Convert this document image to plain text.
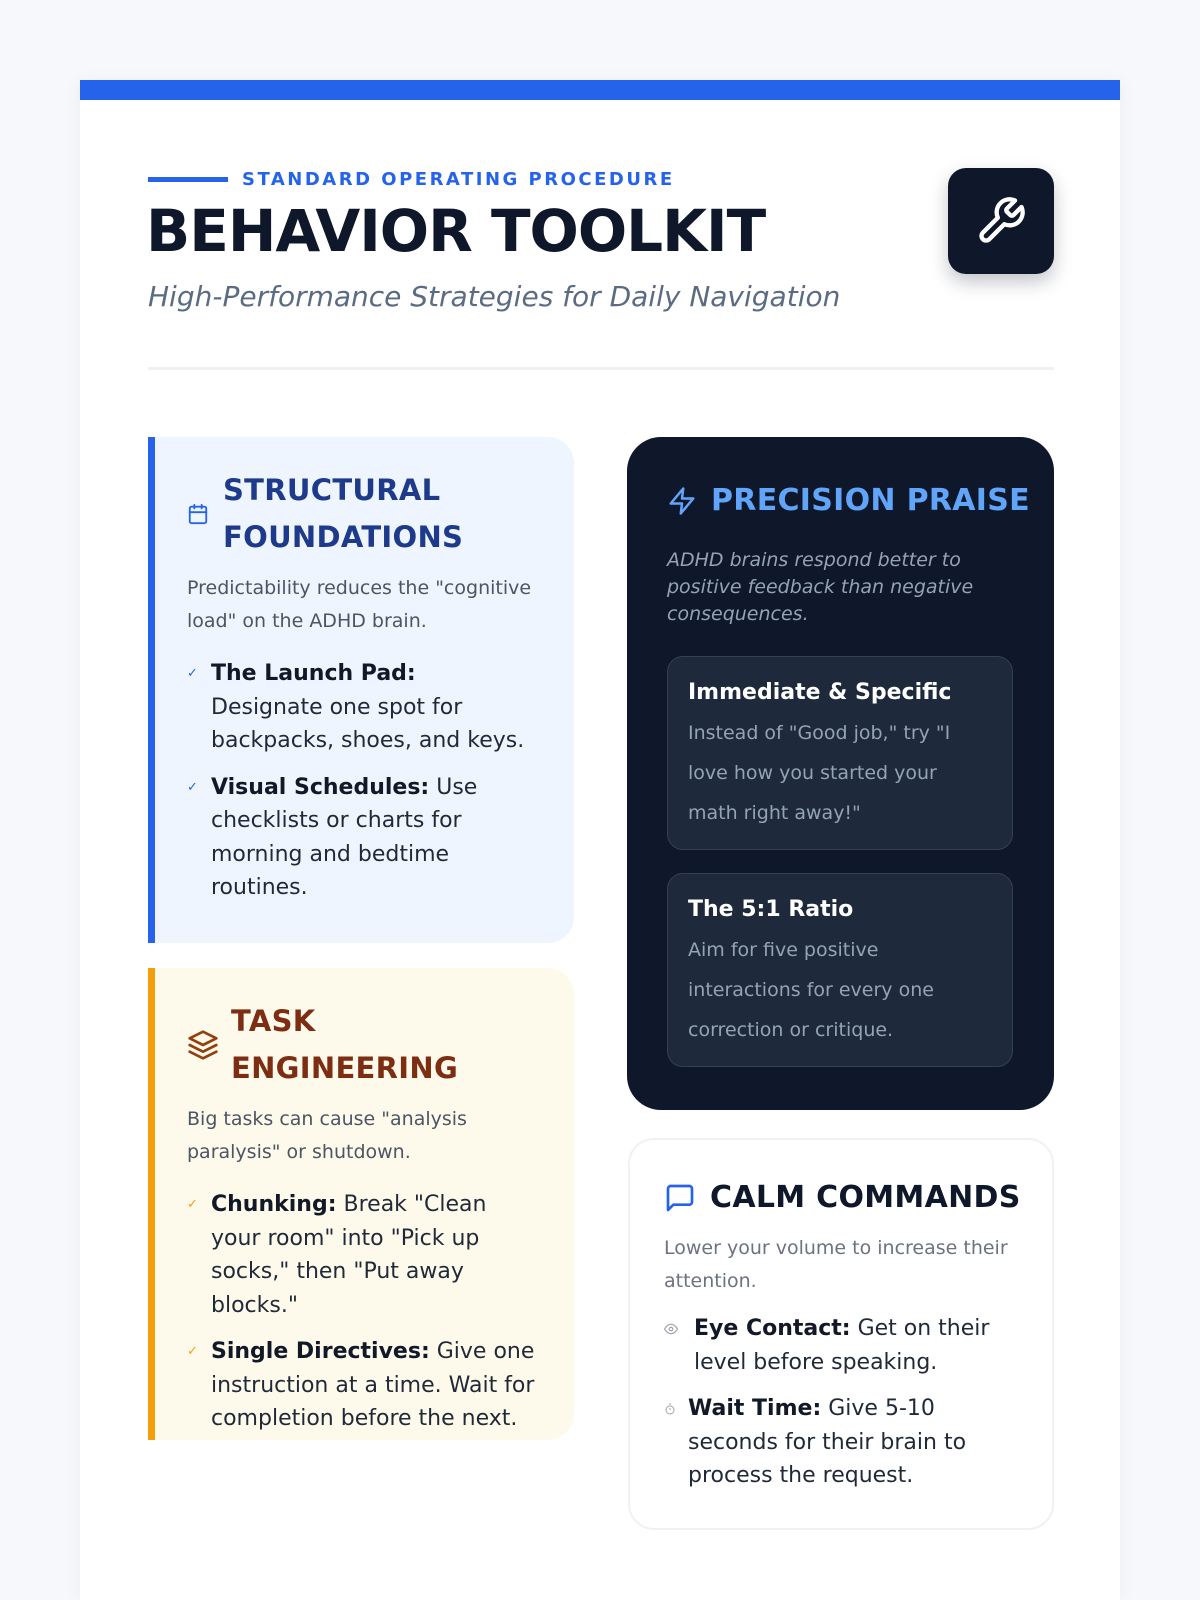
STANDARD OPERATING PROCEDURE
BEHAVIOR TOOLKIT
High-Performance Strategies for Daily Navigation
STRUCTURAL
FOUNDATIONS
Predictability reduces the "cognitive load" on the ADHD brain.
✓ The Launch Pad: Designate one spot for backpacks, shoes, and keys.
✓ Visual Schedules: Use checklists or charts for morning and bedtime routines.
TASK
ENGINEERING
Big tasks can cause "analysis paralysis" or shutdown.
✓ Chunking: Break "Clean your room" into "Pick up socks," then "Put away blocks."
✓ Single Directives: Give one instruction at a time. Wait for completion before the next.
PRECISION PRAISE
ADHD brains respond better to positive feedback than negative consequences.
Immediate & Specific
Instead of "Good job," try "I love how you started your math right away!"
The 5:1 Ratio
Aim for five positive interactions for every one correction or critique.
CALM COMMANDS
Lower your volume to increase their attention.
Eye Contact: Get on their level before speaking.
Wait Time: Give 5-10 seconds for their brain to process the request.
